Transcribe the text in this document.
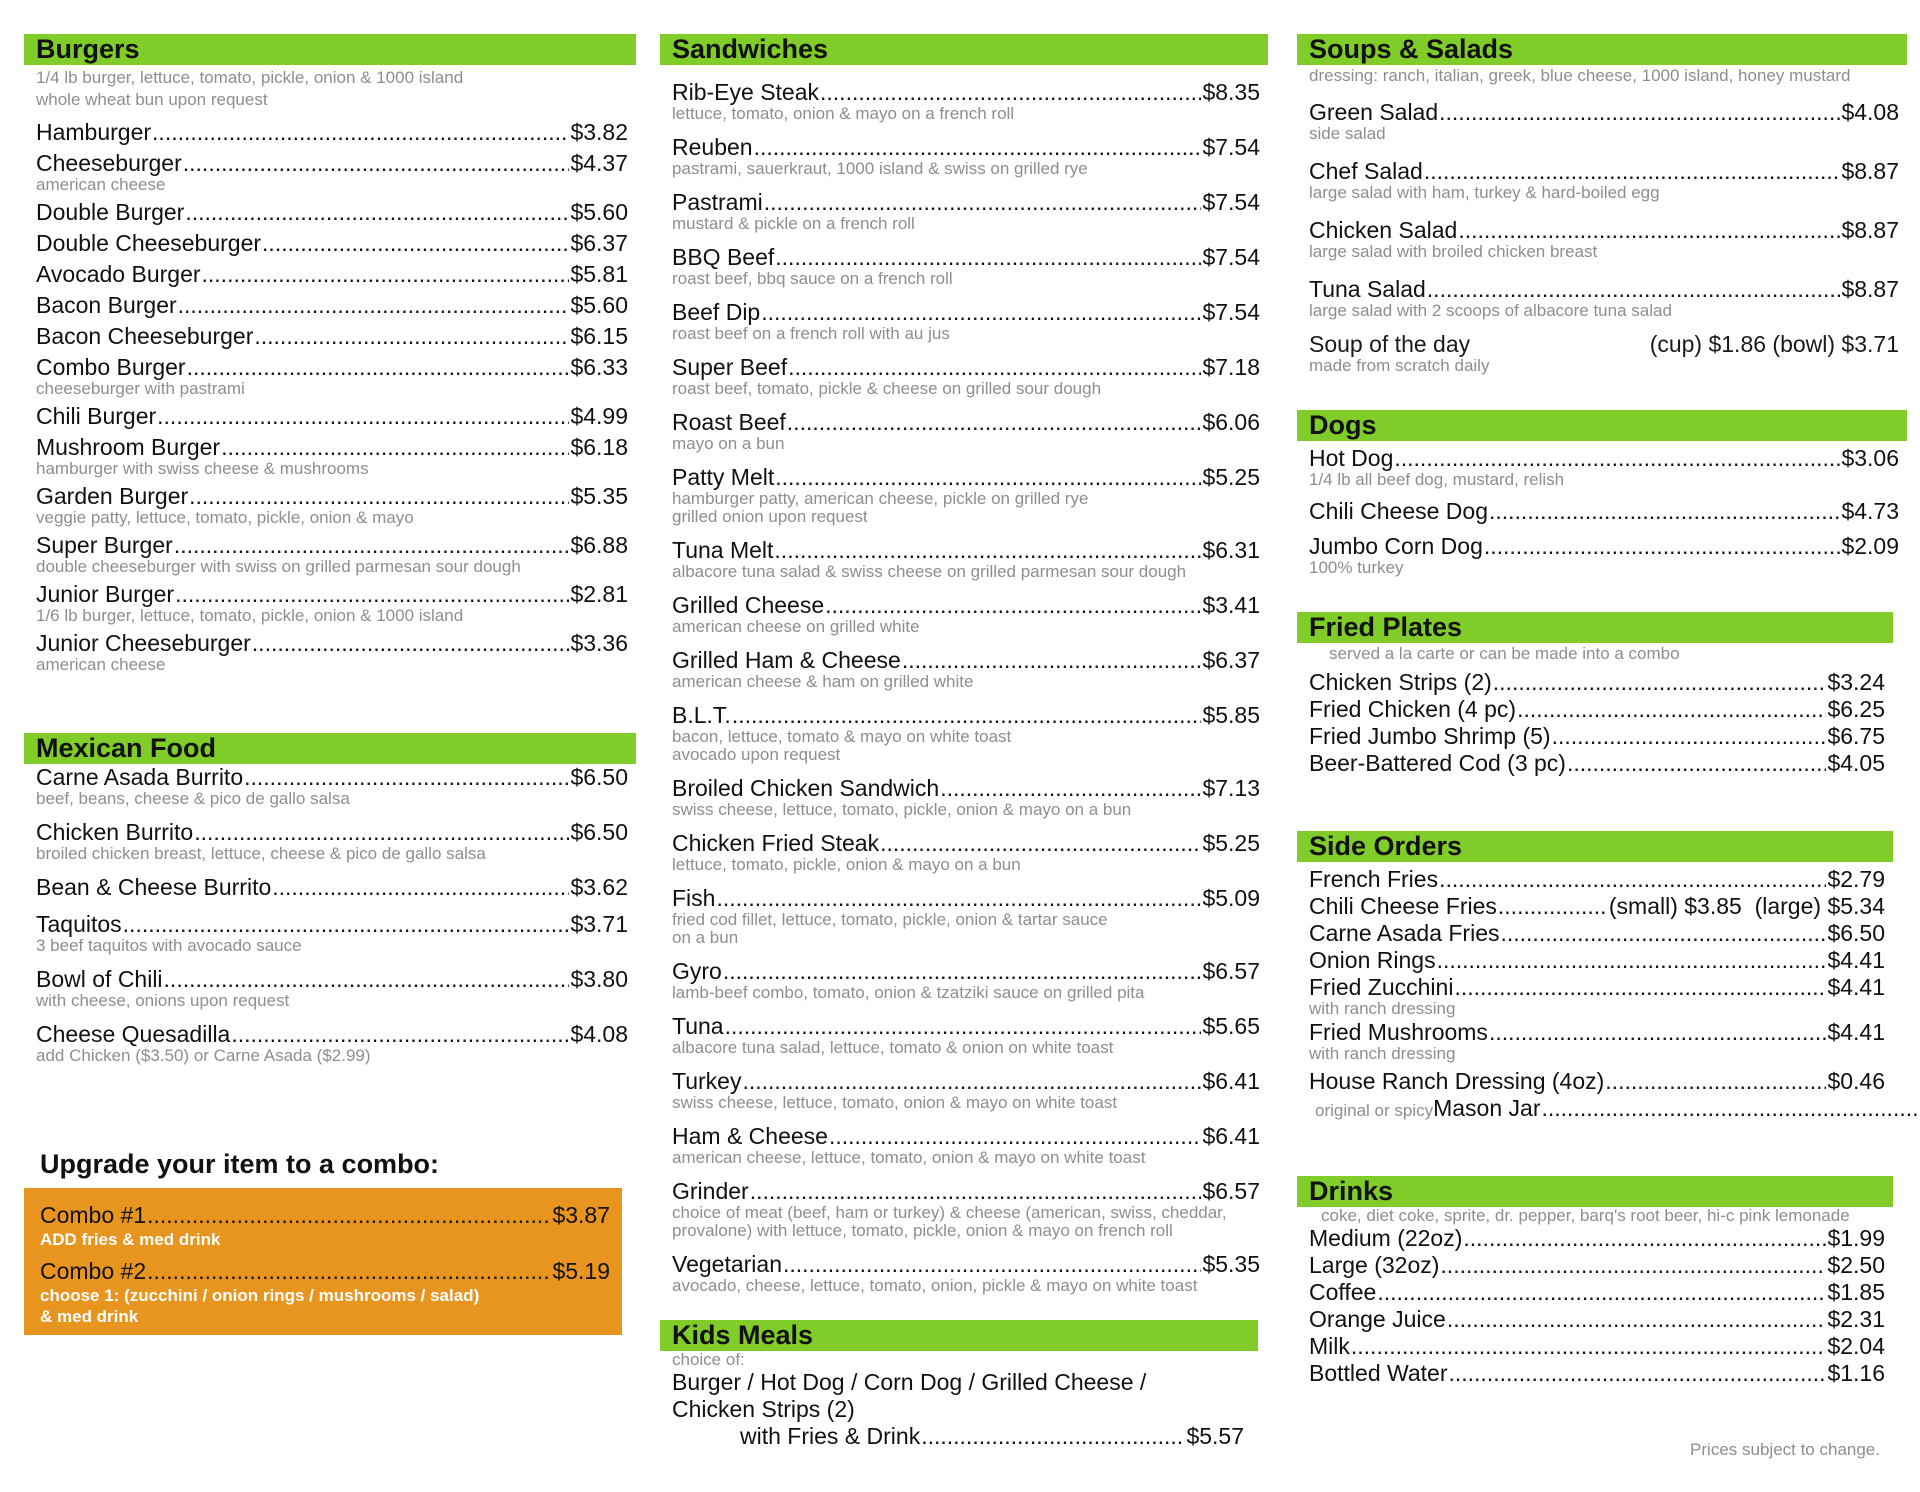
Burgers
1/4 lb burger, lettuce, tomato, pickle, onion & 1000 island
whole wheat bun upon request
Hamburger .....	$3.82
Cheeseburger .....	$4.37
american cheese
Double Burger .....	$5.60
Double Cheeseburger .....	$6.37
Avocado Burger .....	$5.81
Bacon Burger .....	$5.60
Bacon Cheeseburger .....	$6.15
Combo Burger .....	$6.33
cheeseburger with pastrami
Chili Burger .....	$4.99
Mushroom Burger .....	$6.18
hamburger with swiss cheese & mushrooms
Garden Burger .....	$5.35
veggie patty, lettuce, tomato, pickle, onion & mayo
Super Burger .....	$6.88
double cheeseburger with swiss on grilled parmesan sour dough
Junior Burger .....	$2.81
1/6 lb burger, lettuce, tomato, pickle, onion & 1000 island
Junior Cheeseburger .....	$3.36
american cheese
Mexican Food
Carne Asada Burrito .....	$6.50
beef, beans, cheese & pico de gallo salsa
Chicken Burrito .....	$6.50
broiled chicken breast, lettuce, cheese & pico de gallo salsa
Bean & Cheese Burrito .....	$3.62
Taquitos .....	$3.71
3 beef taquitos with avocado sauce
Bowl of Chili .....	$3.80
with cheese, onions upon request
Cheese Quesadilla .....	$4.08
add Chicken ($3.50) or Carne Asada ($2.99)
Upgrade your item to a combo:
Combo #1 .....	$3.87
ADD fries & med drink
Combo #2 .....	$5.19
choose 1: (zucchini / onion rings / mushrooms / salad)
& med drink
Sandwiches
Rib-Eye Steak .....	$8.35
lettuce, tomato, onion & mayo on a french roll
Reuben .....	$7.54
pastrami, sauerkraut, 1000 island & swiss on grilled rye
Pastrami .....	$7.54
mustard & pickle on a french roll
BBQ Beef .....	$7.54
roast beef, bbq sauce on a french roll
Beef Dip .....	$7.54
roast beef on a french roll with au jus
Super Beef .....	$7.18
roast beef, tomato, pickle & cheese on grilled sour dough
Roast Beef .....	$6.06
mayo on a bun
Patty Melt .....	$5.25
hamburger patty, american cheese, pickle on grilled rye
grilled onion upon request
Tuna Melt .....	$6.31
albacore tuna salad & swiss cheese on grilled parmesan sour dough
Grilled Cheese .....	$3.41
american cheese on grilled white
Grilled Ham & Cheese .....	$6.37
american cheese & ham on grilled white
B.L.T. .....	$5.85
bacon, lettuce, tomato & mayo on white toast
avocado upon request
Broiled Chicken Sandwich .....	$7.13
swiss cheese, lettuce, tomato, pickle, onion & mayo on a bun
Chicken Fried Steak .....	$5.25
lettuce, tomato, pickle, onion & mayo on a bun
Fish .....	$5.09
fried cod fillet, lettuce, tomato, pickle, onion & tartar sauce
on a bun
Gyro .....	$6.57
lamb-beef combo, tomato, onion & tzatziki sauce on grilled pita
Tuna .....	$5.65
albacore tuna salad, lettuce, tomato & onion on white toast
Turkey .....	$6.41
swiss cheese, lettuce, tomato, onion & mayo on white toast
Ham & Cheese .....	$6.41
american cheese, lettuce, tomato, onion & mayo on white toast
Grinder .....	$6.57
choice of meat (beef, ham or turkey) & cheese (american, swiss, cheddar,
provalone) with lettuce, tomato, pickle, onion & mayo on french roll
Vegetarian .....	$5.35
avocado, cheese, lettuce, tomato, onion, pickle & mayo on white toast
Kids Meals
choice of:
Burger / Hot Dog / Corn Dog / Grilled Cheese /
Chicken Strips (2)
with Fries & Drink .....	$5.57
Soups & Salads
dressing: ranch, italian, greek, blue cheese, 1000 island, honey mustard
Green Salad .....	$4.08
side salad
Chef Salad .....	$8.87
large salad with ham, turkey & hard-boiled egg
Chicken Salad .....	$8.87
large salad with broiled chicken breast
Tuna Salad .....	$8.87
large salad with 2 scoops of albacore tuna salad
Soup of the day	(cup) $1.86 (bowl) $3.71
made from scratch daily
Dogs
Hot Dog .....	$3.06
1/4 lb all beef dog, mustard, relish
Chili Cheese Dog .....	$4.73
Jumbo Corn Dog .....	$2.09
100% turkey
Fried Plates
served a la carte or can be made into a combo
Chicken Strips (2) .....	$3.24
Fried Chicken (4 pc) .....	$6.25
Fried Jumbo Shrimp (5) .....	$6.75
Beer-Battered Cod (3 pc) .....	$4.05
Side Orders
French Fries .....	$2.79
Chili Cheese Fries .....	(small) $3.85  (large) $5.34
Carne Asada Fries .....	$6.50
Onion Rings .....	$4.41
Fried Zucchini .....	$4.41
with ranch dressing
Fried Mushrooms .....	$4.41
with ranch dressing
House Ranch Dressing (4oz) .....	$0.46
original or spicy Mason Jar
.....
Drinks
coke, diet coke, sprite, dr. pepper, barq's root beer, hi-c pink lemonade
Medium (22oz) .....	$1.99
Large (32oz) .....	$2.50
Coffee .....	$1.85
Orange Juice .....	$2.31
Milk .....	$2.04
Bottled Water .....	$1.16
Prices subject to change.
